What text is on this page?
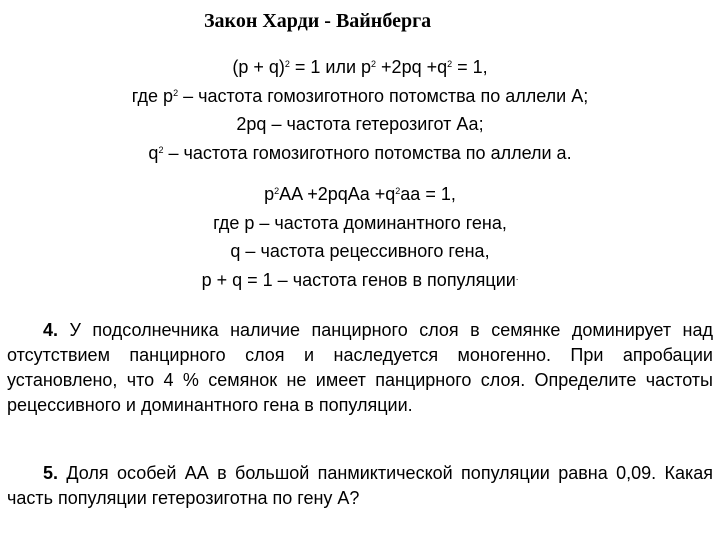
Закон Харди - Вайнберга
$(p + q)^2 = 1$ или $p^2 +2pq +q^2 = 1$,
где $p^2$ – частота гомозиготного потомства по аллели А;
2pq – частота гетерозигот Аа;
$q^2$ – частота гомозиготного потомства по аллели а.
$p^2AA$ +2pqAa $+q^2aa = 1$,
где p – частота доминантного гена,
q – частота рецессивного гена,
p + q = 1 – частота генов в популяции.
4. У подсолнечника наличие панцирного слоя в семянке доминирует над отсутствием панцирного слоя и наследуется моногенно. При апробации установлено, что 4 % семянок не имеет панцирного слоя. Определите частоты рецессивного и доминантного гена в популяции.
5. Доля особей АА в большой панмиктической популяции равна 0,09. Какая часть популяции гетерозиготна по гену А?
